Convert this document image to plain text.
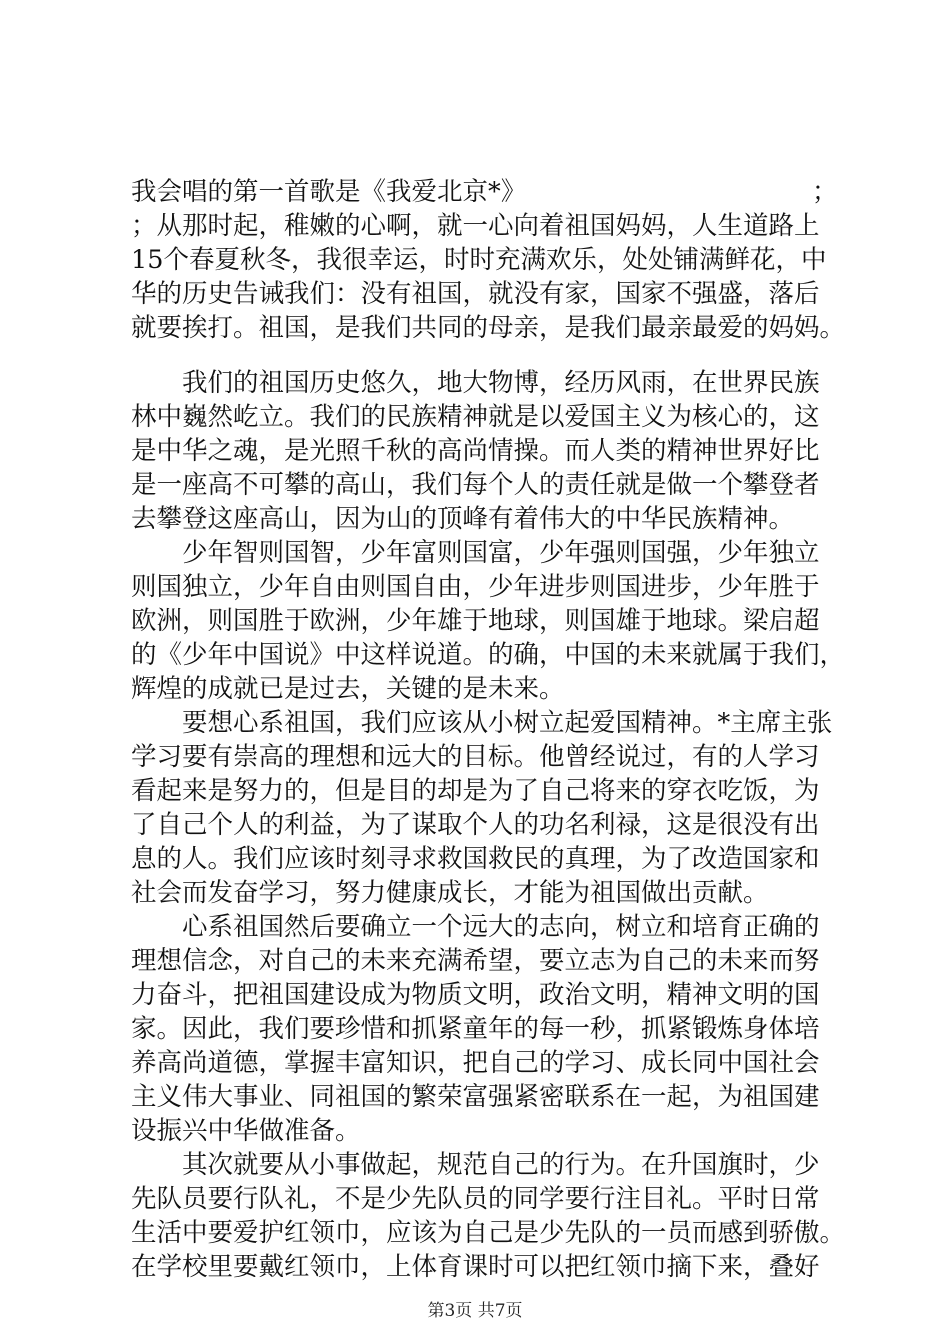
我会唱的第一首歌是《我爱北京*》	；
；从那时起，稚嫩的心啊，就一心向着祖国妈妈，人生道路上
15个春夏秋冬，我很幸运，时时充满欢乐，处处铺满鲜花，中
华的历史告诫我们：没有祖国，就没有家，国家不强盛，落后
就要挨打。祖国，是我们共同的母亲，是我们最亲最爱的妈妈。
我们的祖国历史悠久，地大物博，经历风雨，在世界民族
林中巍然屹立。我们的民族精神就是以爱国主义为核心的，这
是中华之魂，是光照千秋的高尚情操。而人类的精神世界好比
是一座高不可攀的高山，我们每个人的责任就是做一个攀登者
去攀登这座高山，因为山的顶峰有着伟大的中华民族精神。
少年智则国智，少年富则国富，少年强则国强，少年独立
则国独立，少年自由则国自由，少年进步则国进步，少年胜于
欧洲，则国胜于欧洲，少年雄于地球，则国雄于地球。梁启超
的《少年中国说》中这样说道。的确，中国的未来就属于我们，
辉煌的成就已是过去，关键的是未来。
要想心系祖国，我们应该从小树立起爱国精神。*主席主张
学习要有崇高的理想和远大的目标。他曾经说过，有的人学习
看起来是努力的，但是目的却是为了自己将来的穿衣吃饭，为
了自己个人的利益，为了谋取个人的功名利禄，这是很没有出
息的人。我们应该时刻寻求救国救民的真理，为了改造国家和
社会而发奋学习，努力健康成长，才能为祖国做出贡献。
心系祖国然后要确立一个远大的志向，树立和培育正确的
理想信念，对自己的未来充满希望，要立志为自己的未来而努
力奋斗，把祖国建设成为物质文明，政治文明，精神文明的国
家。因此，我们要珍惜和抓紧童年的每一秒，抓紧锻炼身体培
养高尚道德，掌握丰富知识，把自己的学习、成长同中国社会
主义伟大事业、同祖国的繁荣富强紧密联系在一起，为祖国建
设振兴中华做准备。
其次就要从小事做起，规范自己的行为。在升国旗时，少
先队员要行队礼，不是少先队员的同学要行注目礼。平时日常
生活中要爱护红领巾，应该为自己是少先队的一员而感到骄傲。
在学校里要戴红领巾，上体育课时可以把红领巾摘下来，叠好
第3页 共7页
